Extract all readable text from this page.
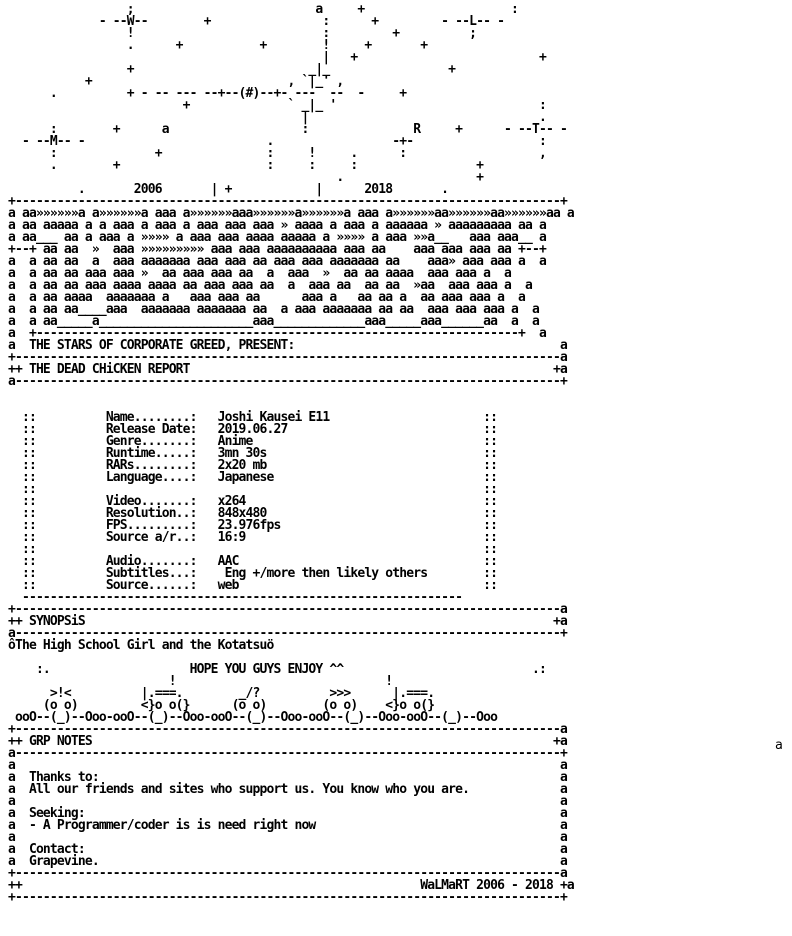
;                          a     +                     :
- --W--        +                :      +         - --L-- -
!                           :         +          ;
.      +           +        !     +       +
|   +                          +
+                         _|_                 +
+                            , `|_' ,
.          + - -- --- --+--(#)--+- ---  --  -     +
+              ` _|_ '                             :
|                                 .
:        +      a                   :               R     +      - --T-- -
- --M-- -                          .                 -+-                  :
:              +               :     !     .      :                   ,
.        +                     :     :     :                 +
.                   +
.       2006       | +            |      2018       .
+------------------------------------------------------------------------------+
a aa»»»»»»a a»»»»»»a aaa a»»»»»»aaa»»»»»»a»»»»»»a aaa a»»»»»»aa»»»»»»aa»»»»»»aa a
a aa aaaaa a a aaa a aaa a aaa aaa aaa » aaaa a aaa a aaaaaa » aaaaaaaaa aa a
a aa___ aa a aaa a »»»» a aaa aaa aaaa aaaaa a »»»» a aaa »»a__   aaa aaa__ a
+--+ aa aa  »  aaa »»»»»»»»» aaa aaa aaaaaaaaaa aaa aa    aaa aaa aaa aa +--+
a  a aa aa  a  aaa aaaaaaa aaa aaa aa aaa aaa aaaaaaa aa    aaa» aaa aaa a  a
a  a aa aa aaa aaa »  aa aaa aaa aa  a  aaa  »  aa aa aaaa  aaa aaa a  a
a  a aa aa aaa aaaa aaaa aa aaa aaa aa  a  aaa aa  aa aa  »aa  aaa aaa a  a
a  a aa aaaa  aaaaaaa a   aaa aaa aa      aaa a   aa aa a  aa aaa aaa a  a
a  a aa aa____aaa  aaaaaaa aaaaaaa aa  a aaa aaaaaaa aa aa  aaa aaa aaa a  a
a  a aa_____a______________________aaa_____________aaa_____aaa______aa  a  a
a  +---------------------------------------------------------------------+  a
a  THE STARS OF CORPORATE GREED, PRESENT:                                      a
+------------------------------------------------------------------------------a
++ THE DEAD CHiCKEN REPORT                                                    +a
a------------------------------------------------------------------------------+

::          Name........:   Joshi Kausei E11                      ::
::          Release Date:   2019.06.27                            ::
::          Genre.......:   Anime                                 ::
::          Runtime.....:   3mn 30s                               ::
::          RARs........:   2x20 mb                               ::
::          Language....:   Japanese                              ::
::                                                                ::
::          Video.......:   x264                                  ::
::          Resolution..:   848x480                               ::
::          FPS.........:   23.976fps                             ::
::          Source a/r..:   16:9                                  ::
::                                                                ::
::          Audio.......:   AAC                                   ::
::          Subtitles...:    Eng +/more then likely others        ::
::          Source......:   web                                   ::
---------------------------------------------------------------
+------------------------------------------------------------------------------a
++ SYNOPSiS                                                                   +a
a------------------------------------------------------------------------------+
ôThe High School Girl and the Kotatsuö

:.                    HOPE YOU GUYS ENJOY ^^                           .:
!                              !
>!<          |.===.        _/?          >>>      |.===.
(o o)         <}o o(}      (o o)        (o o)    <}o o(}
ooO--(_)--Ooo-ooO--(_)--Ooo-ooO--(_)--Ooo-ooO--(_)--Ooo-ooO--(_)--Ooo
+------------------------------------------------------------------------------a
++ GRP NOTES                                                                  +a
a------------------------------------------------------------------------------+
a                                                                              a
a  Thanks to:                                                                  a
a  All our friends and sites who support us. You know who you are.             a
a                                                                              a
a  Seeking:                                                                    a
a  - A Programmer/coder is is need right now                                   a
a                                                                              a
a  Contact:                                                                    a
a  Grapevine.                                                                  a
+------------------------------------------------------------------------------a
++                                                         WaLMaRT 2006 - 2018 +a
+------------------------------------------------------------------------------+
a
